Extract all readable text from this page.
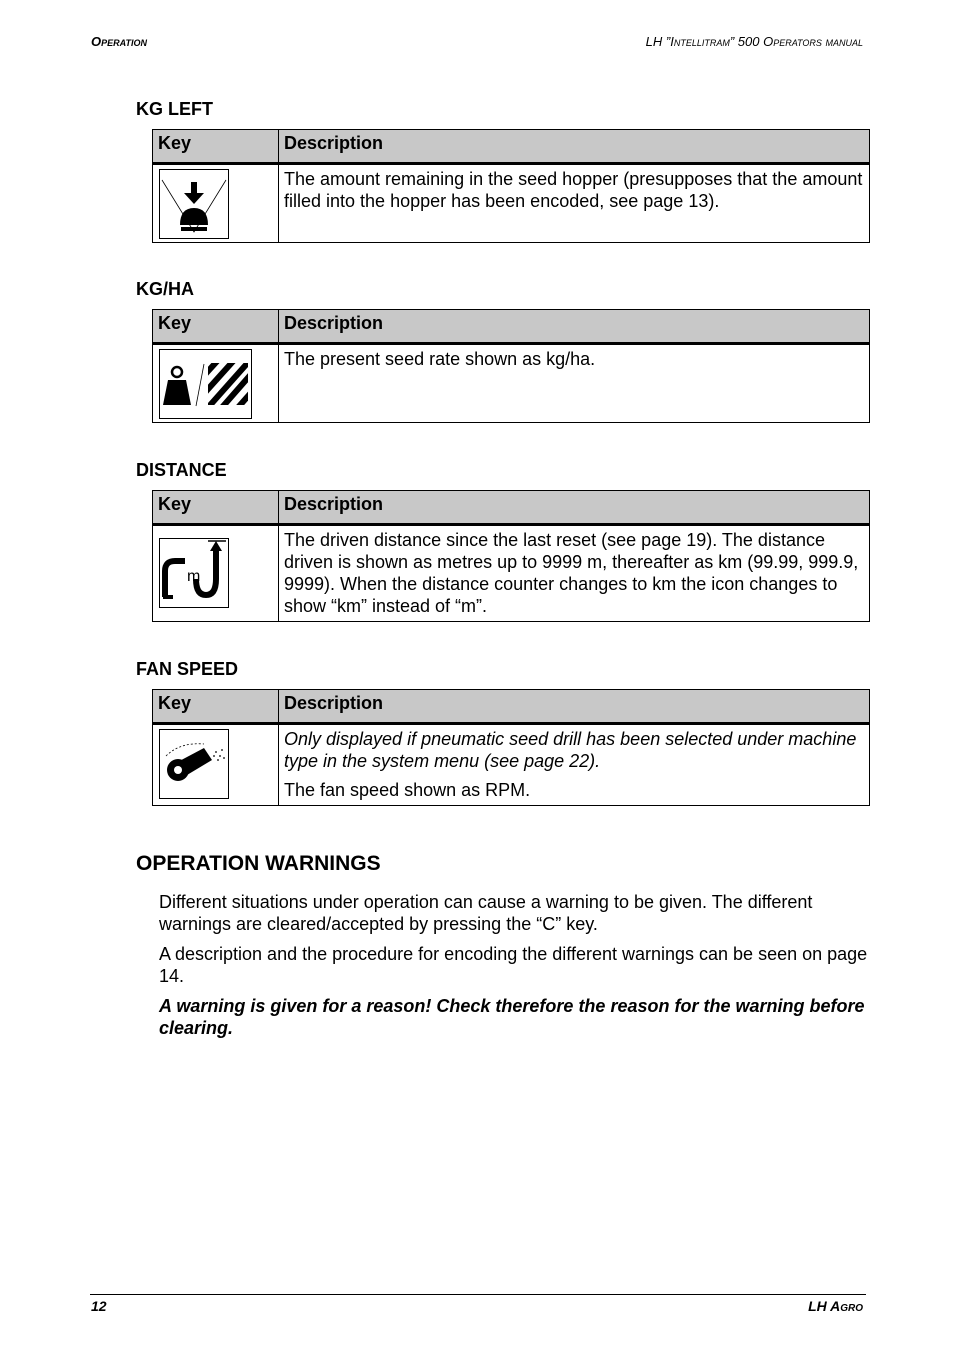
Operation	LH ”Intellitram” 500 Operators manual
KG LEFT
Key	Description

The amount remaining in the seed hopper (presupposes that the amount filled into the hopper has been encoded, see page 13).

KG/HA
Key	Description

The present seed rate shown as kg/ha.

DISTANCE
Key	Description

m	The driven distance since the last reset (see page 19). The distance driven is shown as metres up to 9999 m, thereafter as km (99.99, 999.9, 9999). When the distance counter changes to km the icon changes to show “km” instead of “m”.

FAN SPEED
Key	Description

Only displayed if pneumatic seed drill has been selected under machine type in the system menu (see page 22).

The fan speed shown as RPM.

OPERATION WARNINGS

Different situations under operation can cause a warning to be given. The different warnings are cleared/accepted by pressing the “C” key.

A description and the procedure for encoding the different warnings can be seen on page 14.

A warning is given for a reason! Check therefore the reason for the warning before clearing.

12	LH Agro
